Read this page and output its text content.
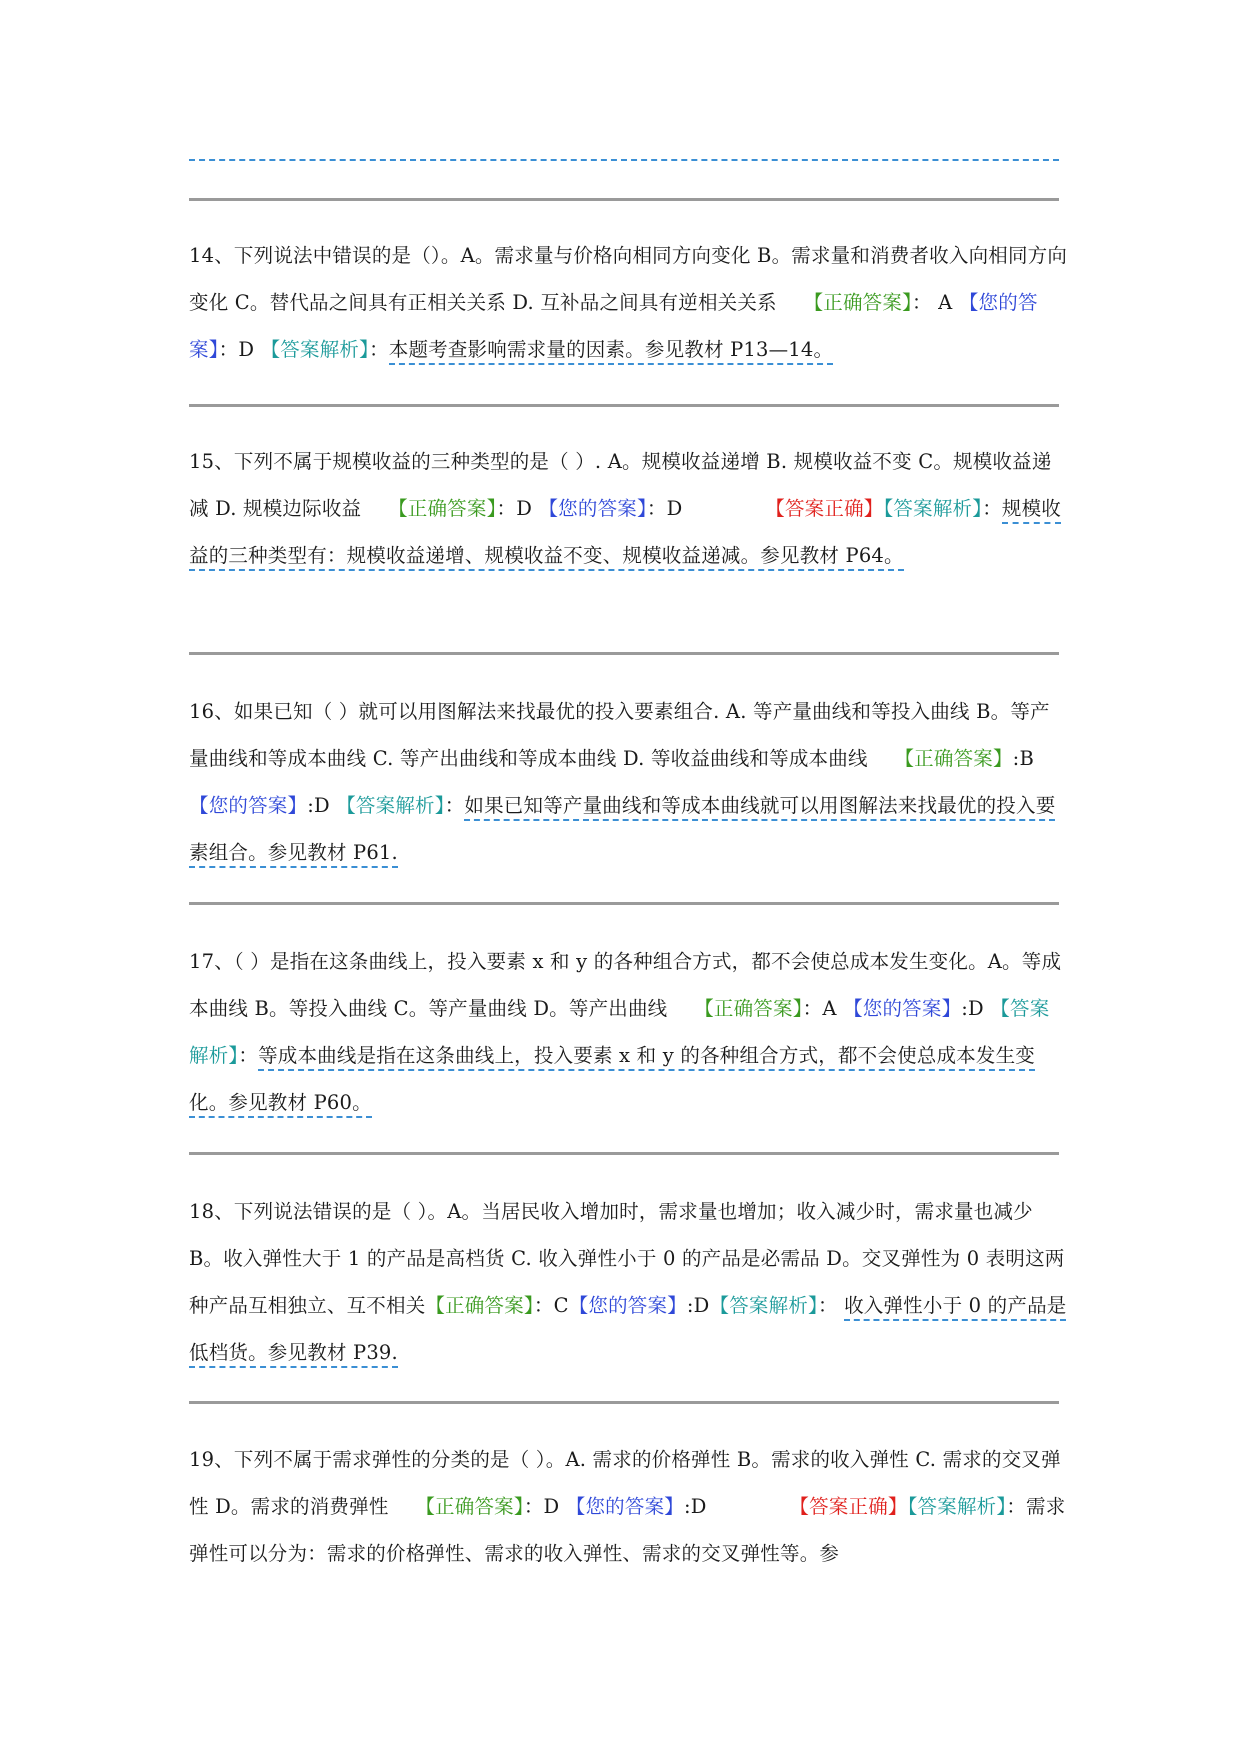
14、下列说法中错误的是（）。A。需求量与价格向相同方向变化 B。需求量和消费者收入向相同方向变化 C。替代品之间具有正相关关系 D. 互补品之间具有逆相关关系 【正确答案】： A 【您的答案】：D 【答案解析】：本题考查影响需求量的因素。参见教材 P13—14。

15、下列不属于规模收益的三种类型的是（ ）. A。规模收益递增 B. 规模收益不变 C。规模收益递减 D. 规模边际收益 【正确答案】：D 【您的答案】：D	【答案正确】【答案解析】：规模收益的三种类型有：规模收益递增、规模收益不变、规模收益递减。参见教材 P64。

16、如果已知（ ）就可以用图解法来找最优的投入要素组合. A. 等产量曲线和等投入曲线 B。等产量曲线和等成本曲线 C. 等产出曲线和等成本曲线 D. 等收益曲线和等成本曲线 【正确答案】:B 【您的答案】:D 【答案解析】：如果已知等产量曲线和等成本曲线就可以用图解法来找最优的投入要素组合。参见教材 P61.

17、（ ）是指在这条曲线上，投入要素 x 和 y 的各种组合方式，都不会使总成本发生变化。A。等成本曲线 B。等投入曲线 C。等产量曲线 D。等产出曲线 【正确答案】：A 【您的答案】:D 【答案解析】：等成本曲线是指在这条曲线上，投入要素 x 和 y 的各种组合方式，都不会使总成本发生变化。参见教材 P60。

18、下列说法错误的是（ ）。A。当居民收入增加时，需求量也增加；收入减少时，需求量也减少 B。收入弹性大于 1 的产品是高档货 C. 收入弹性小于 0 的产品是必需品 D。交叉弹性为 0 表明这两种产品互相独立、互不相关【正确答案】：C【您的答案】:D【答案解析】： 收入弹性小于 0 的产品是低档货。参见教材 P39.

19、下列不属于需求弹性的分类的是（ ）。A. 需求的价格弹性 B。需求的收入弹性 C. 需求的交叉弹性 D。需求的消费弹性 【正确答案】：D 【您的答案】:D	【答案正确】【答案解析】：需求弹性可以分为：需求的价格弹性、需求的收入弹性、需求的交叉弹性等。参
